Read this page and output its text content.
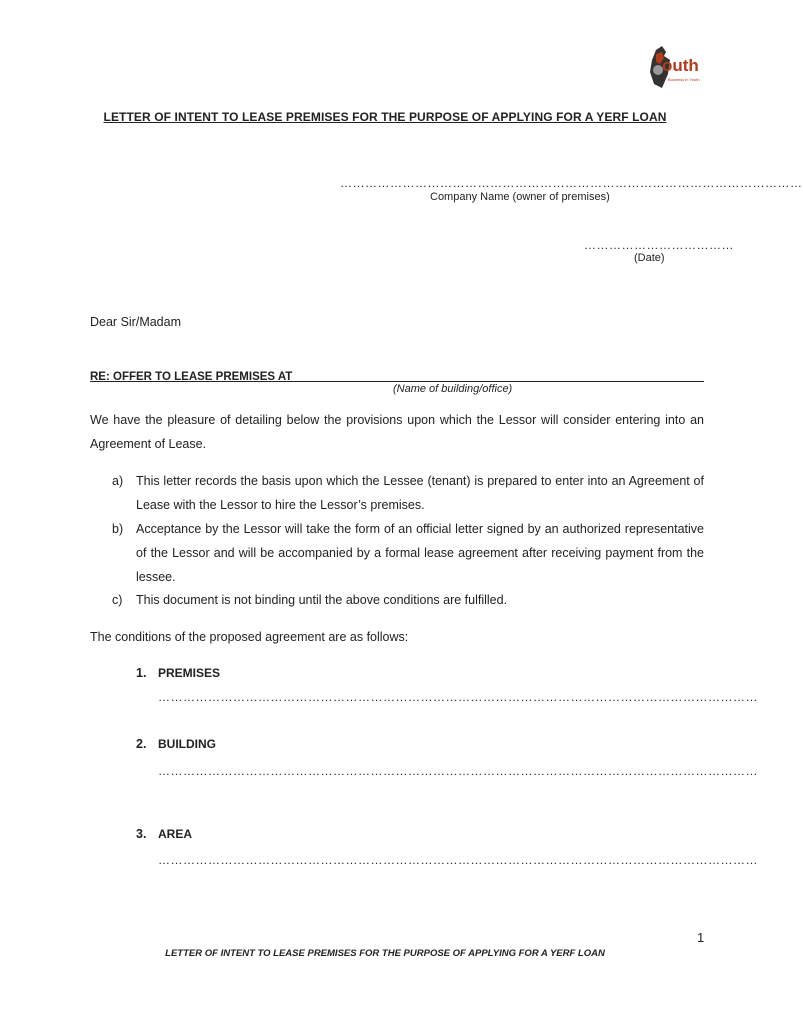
outh
Business in Youth
LETTER OF INTENT TO LEASE PREMISES FOR THE PURPOSE OF APPLYING FOR A YERF LOAN
…………………………………………………………………………………………………
Company Name (owner of premises)
………………………………
(Date)
Dear Sir/Madam
RE: OFFER TO LEASE PREMISES AT
(Name of building/office)
We have the pleasure of detailing below the provisions upon which the Lessor will consider entering into an Agreement of Lease.
a) This letter records the basis upon which the Lessee (tenant) is prepared to enter into an Agreement of Lease with the Lessor to hire the Lessor’s premises.
b) Acceptance by the Lessor will take the form of an official letter signed by an authorized representative of the Lessor and will be accompanied by a formal lease agreement after receiving payment from the lessee.
c) This document is not binding until the above conditions are fulfilled.
The conditions of the proposed agreement are as follows:
1. PREMISES
………………………………………………………………………………………………………………………………
2. BUILDING
………………………………………………………………………………………………………………………………
3. AREA
………………………………………………………………………………………………………………………………
1
LETTER OF INTENT TO LEASE PREMISES FOR THE PURPOSE OF APPLYING FOR A YERF LOAN
